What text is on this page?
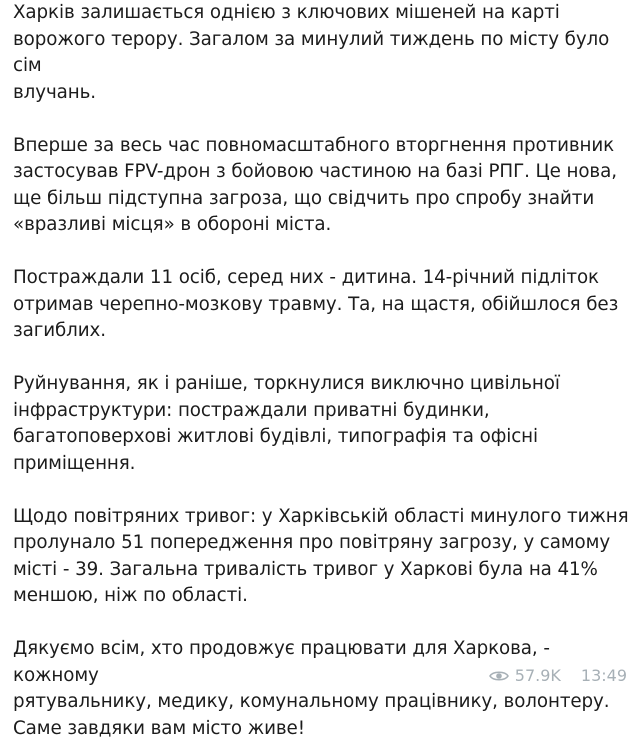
Харків залишається однією з ключових мішеней на карті
ворожого терору. Загалом за минулий тиждень по місту було сім
влучань.

Вперше за весь час повномасштабного вторгнення противник
застосував FPV-дрон з бойовою частиною на базі РПГ. Це нова,
ще більш підступна загроза, що свідчить про спробу знайти
«вразливі місця» в обороні міста.

Постраждали 11 осіб, серед них - дитина. 14-річний підліток
отримав черепно-мозкову травму. Та, на щастя, обійшлося без
загиблих.

Руйнування, як і раніше, торкнулися виключно цивільної
інфраструктури: постраждали приватні будинки,
багатоповерхові житлові будівлі, типографія та офісні
приміщення.

Щодо повітряних тривог: у Харківській області минулого тижня
пролунало 51 попередження про повітряну загрозу, у самому
місті - 39. Загальна тривалість тривог у Харкові була на 41%
меншою, ніж по області.

Дякуємо всім, хто продовжує працювати для Харкова, - кожному
рятувальнику, медику, комунальному працівнику, волонтеру.
Саме завдяки вам місто живе!

57.9K 13:49
